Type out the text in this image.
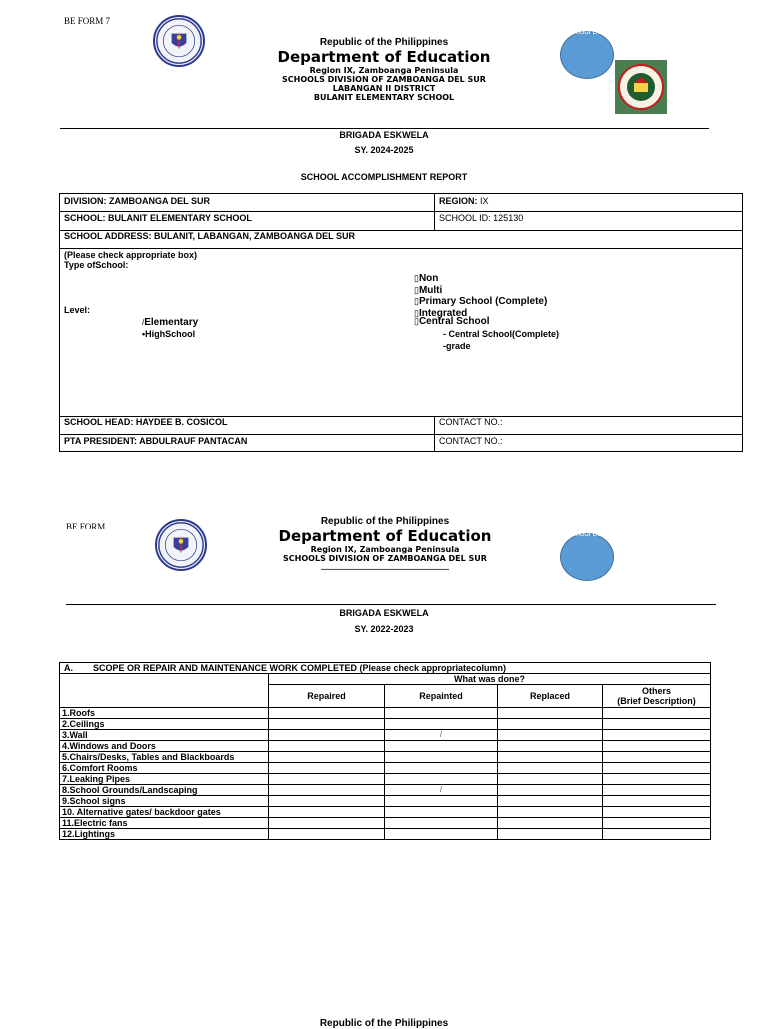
BE FORM 7
Republic of the Philippines
Department of Education
Region IX, Zamboanga Peninsula
SCHOOLS DIVISION OF ZAMBOANGA DEL SUR
LABANGAN II DISTRICT
BULANIT ELEMENTARY SCHOOL
School Logo
BRIGADA ESKWELA
SY. 2024-2025
SCHOOL ACCOMPLISHMENT REPORT
DIVISION: ZAMBOANGA DEL SUR	REGION: IX
SCHOOL: BULANIT ELEMENTARY SCHOOL	SCHOOL ID: 125130
SCHOOL ADDRESS: BULANIT, LABANGAN, ZAMBOANGA DEL SUR
(Please check appropriate box)
Type ofSchool:
Level:
/Elementary
•HighSchool
▯Non
▯Multi
▯Primary School (Complete)
▯Integrated
▯Central School
- Central School(Complete)
-grade
SCHOOL HEAD: HAYDEE B. COSICOL	CONTACT NO.:
PTA PRESIDENT: ABDULRAUF PANTACAN	CONTACT NO.:
BE FORM	Republic of the Philippines
Department of Education
Region IX, Zamboanga Peninsula
SCHOOLS DIVISION OF ZAMBOANGA DEL SUR
________________________________
School Logo
BRIGADA ESKWELA
SY. 2022-2023
A. SCOPE OR REPAIR AND MAINTENANCE WORK COMPLETED (Please check appropriatecolumn)				
	What was done?			
	Repaired	Repainted	Replaced	Others
(Brief Description)

1.Roofs				
2.Ceilings				
3.Wall		/		
4.Windows and Doors				
5.Chairs/Desks, Tables and Blackboards				
6.Comfort Rooms				
7.Leaking Pipes				
8.School Grounds/Landscaping		/		
9.School signs				
10. Alternative gates/ backdoor gates				
11.Electric fans				
12.Lightings				
Republic of the Philippines
